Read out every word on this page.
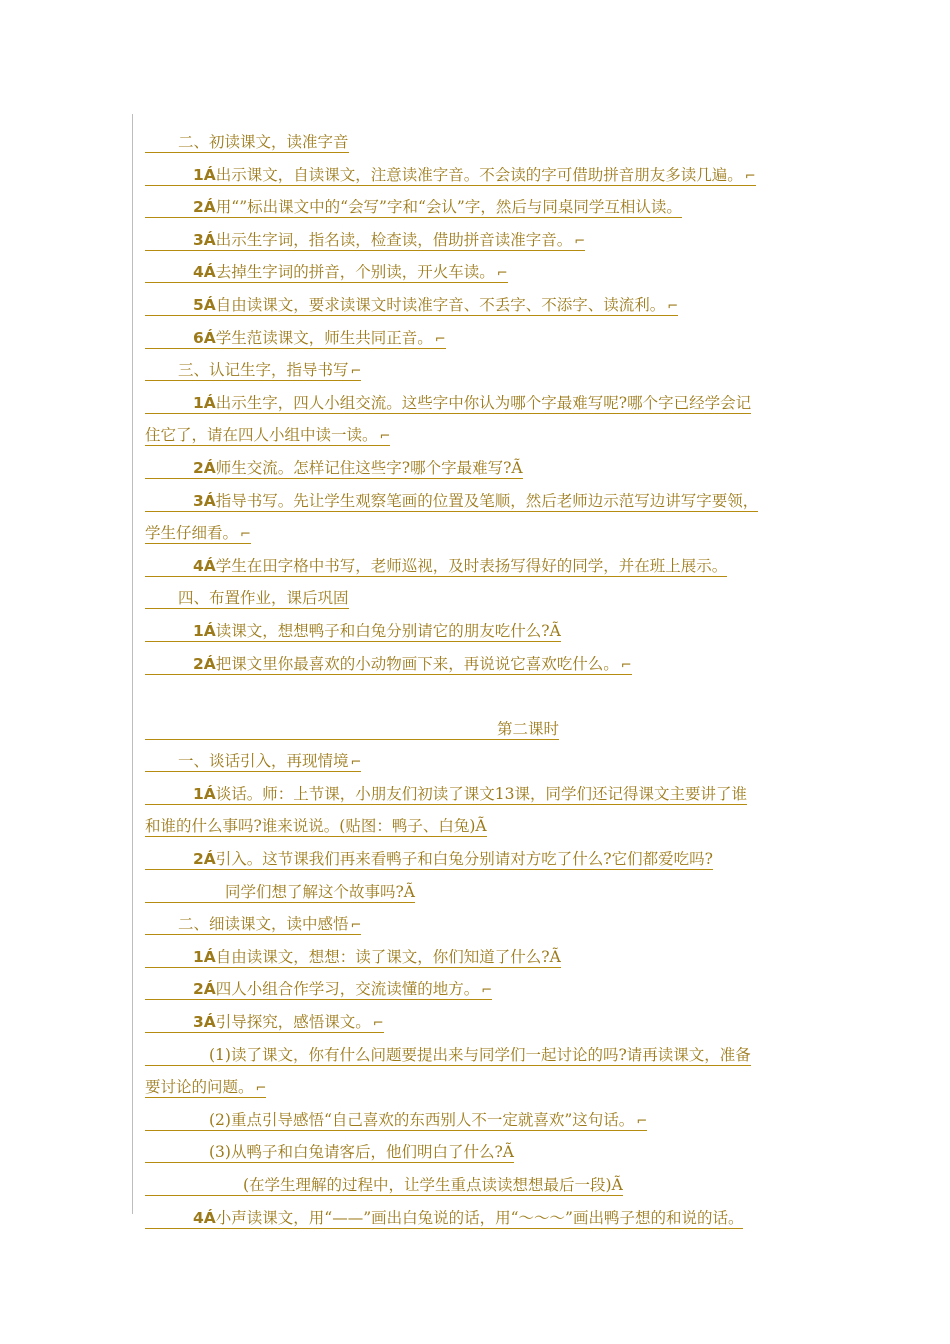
二、初读课文，读准字音
1Á出示课文，自读课文，注意读准字音。不会读的字可借助拼音朋友多读几遍。 ⌐
2Á用“”标出课文中的“会写”字和“会认”字，然后与同桌同学互相认读。
3Á出示生字词，指名读，检查读，借助拼音读准字音。 ⌐
4Á去掉生字词的拼音，个别读，开火车读。 ⌐
5Á自由读课文，要求读课文时读准字音、不丢字、不添字、读流利。 ⌐
6Á学生范读课文，师生共同正音。 ⌐
三、认记生字，指导书写 ⌐
1Á出示生字，四人小组交流。这些字中你认为哪个字最难写呢?哪个字已经学会记
住它了，请在四人小组中读一读。 ⌐
2Á师生交流。怎样记住这些字?哪个字最难写?Ã
3Á指导书写。先让学生观察笔画的位置及笔顺，然后老师边示范写边讲写字要领，
学生仔细看。 ⌐
4Á学生在田字格中书写，老师巡视，及时表扬写得好的同学，并在班上展示。
四、布置作业，课后巩固
1Á读课文，想想鸭子和白兔分别请它的朋友吃什么?Ã
2Á把课文里你最喜欢的小动物画下来，再说说它喜欢吃什么。 ⌐
第二课时
一、谈话引入，再现情境 ⌐
1Á谈话。师：上节课，小朋友们初读了课文13课，同学们还记得课文主要讲了谁
和谁的什么事吗?谁来说说。(贴图：鸭子、白兔)Ã
2Á引入。这节课我们再来看鸭子和白兔分别请对方吃了什么?它们都爱吃吗?
同学们想了解这个故事吗?Ã
二、细读课文，读中感悟 ⌐
1Á自由读课文，想想：读了课文，你们知道了什么?Ã
2Á四人小组合作学习，交流读懂的地方。 ⌐
3Á引导探究，感悟课文。 ⌐
(1)读了课文，你有什么问题要提出来与同学们一起讨论的吗?请再读课文，准备
要讨论的问题。 ⌐
(2)重点引导感悟“自己喜欢的东西别人不一定就喜欢”这句话。 ⌐
(3)从鸭子和白兔请客后，他们明白了什么?Ã
(在学生理解的过程中，让学生重点读读想想最后一段)Ã
4Á小声读课文，用“——”画出白兔说的话，用“～～～”画出鸭子想的和说的话。
